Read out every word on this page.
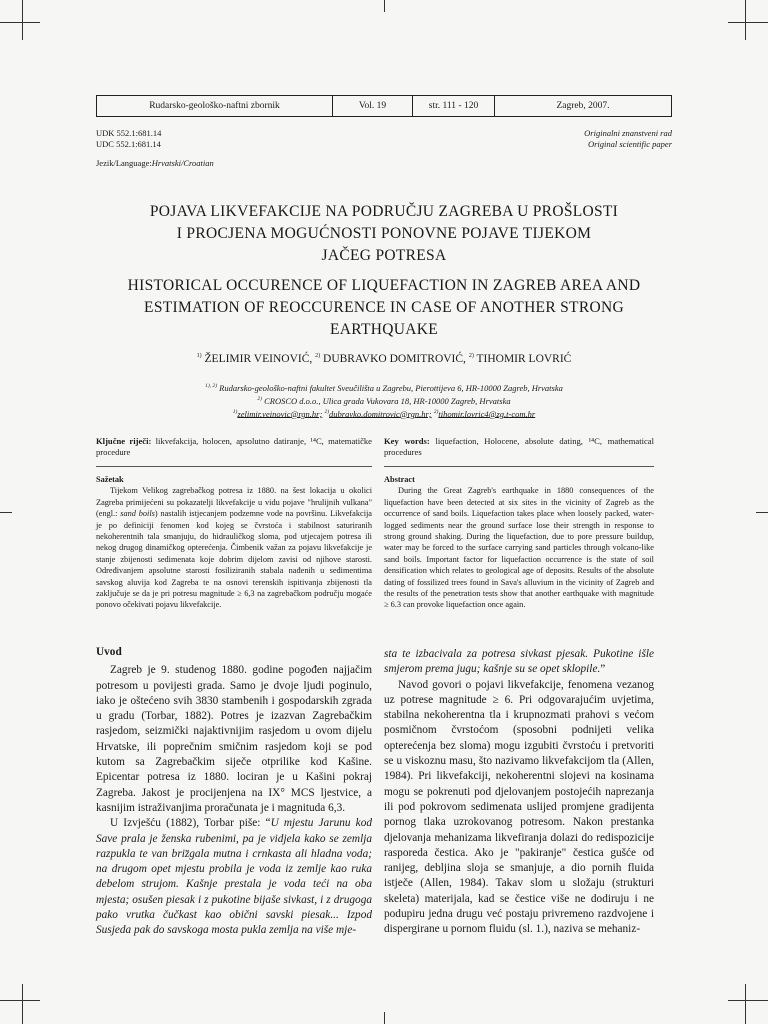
Rudarsko-geološko-naftni zbornik	Vol. 19	str. 111 - 120	Zagreb, 2007.
UDK 552.1:681.14
UDC 552.1:681.14
Originalni znanstveni rad
Original scientific paper
Jezik/Language:Hrvatski/Croatian
POJAVA LIKVEFAKCIJE NA PODRUČJU ZAGREBA U PROŠLOSTI
I PROCJENA MOGUĆNOSTI PONOVNE POJAVE TIJEKOM
JAČEG POTRESA
HISTORICAL OCCURENCE OF LIQUEFACTION IN ZAGREB AREA AND
ESTIMATION OF REOCCURENCE IN CASE OF ANOTHER STRONG
EARTHQUAKE
$^{1)}$ ŽELIMIR VEINOVIĆ, $^{2)}$ DUBRAVKO DOMITROVIĆ, $^{2)}$ TIHOMIR LOVRIĆ
$^{1), 2)}$ Rudarsko-geološko-naftni fakultet Sveučilišta u Zagrebu, Pierottijeva 6, HR-10000 Zagreb, Hrvatska
$^{2)}$ CROSCO d.o.o., Ulica grada Vukovara 18, HR-10000 Zagreb, Hrvatska
$^{1)}$zelimir.veinovic@rgn.hr; $^{2)}$dubravko.domitrovic@rgn.hr; $^{2)}$tihomir.lovric4@zg.t-com.hr
Ključne riječi: likvefakcija, holocen, apsolutno datiranje, ¹⁴C, matematičke procedure
Key words: liquefaction, Holocene, absolute dating, ¹⁴C, mathematical procedures
Sažetak

Tijekom Velikog zagrebačkog potresa iz 1880. na šest lokacija u okolici Zagreba primijećeni su pokazatelji likvefakcije u vidu pojave "hrulijnih vulkana" (engl.: sand boils) nastalih istjecanjem podzemne vode na površinu. Likvefakcija je po definiciji fenomen kod kojeg se čvrstoća i stabilnost saturiranih nekoherentnih tala smanjuju, do hidrauličkog sloma, pod utjecajem potresa ili nekog drugog dinamičkog opterećenja. Čimbenik važan za pojavu likvefakcije je stanje zbijenosti sedimenata koje dobrim dijelom zavisi od njihove starosti. Određivanjem apsolutne starosti fosiliziranih stabala nađenih u sedimentima savskog aluvija kod Zagreba te na osnovi terenskih ispitivanja zbijenosti tla zaključuje se da je pri potresu magnitude ≥ 6,3 na zagrebačkom području mogaće ponovo očekivati pojavu likvefakcije.

Abstract

During the Great Zagreb's earthquake in 1880 consequences of the liquefaction have been detected at six sites in the vicinity of Zagreb as the occurrence of sand boils. Liquefaction takes place when loosely packed, water-logged sediments near the ground surface lose their strength in response to strong ground shaking. During the liquefaction, due to pore pressure buildup, water may be forced to the surface carrying sand particles through volcano-like sand boils. Important factor for liquefaction occurrence is the state of soil densification which relates to geological age of deposits. Results of the absolute dating of fossilized trees found in Sava's alluvium in the vicinity of Zagreb and the results of the penetration tests show that another earthquake with magnitude ≥ 6.3 can provoke liquefaction once again.

Uvod

Zagreb je 9. studenog 1880. godine pogođen najjačim potresom u povijesti grada. Samo je dvoje ljudi poginulo, iako je oštećeno svih 3830 stambenih i gospodarskih zgrada u gradu (Torbar, 1882). Potres je izazvan Zagrebačkim rasjedom, seizmički najaktivnijim rasjedom u ovom dijelu Hrvatske, ili poprečnim smičnim rasjedom koji se pod kutom sa Zagrebačkim siječe otprilike kod Kašine. Epicentar potresa iz 1880. lociran je u Kašini pokraj Zagreba. Jakost je procijenjena na IX° MCS ljestvice, a kasnijim istraživanjima proračunata je i magnituda 6,3.

U Izvješću (1882), Torbar piše: “U mjestu Jarunu kod Save prala je ženska rubenimi, pa je vidjela kako se zemlja razpukla te van briz̈gala mutna i crnkasta ali hladna voda; na drugom opet mjestu probila je voda iz zemlje kao ruka debelom strujom. Kašnje prestala je voda teći na oba mjesta; osušen piesak i z pukotine bijaše sivkast, i z drugoga pako vrutka čučkast kao obični savski piesak... Izpod Susjeda pak do savskoga mosta pukla zemlja na više mje-

sta te izbacivala za potresa sivkast pjesak. Pukotine išle smjerom prema jugu; kašnje su se opet sklopile.”

Navod govori o pojavi likvefakcije, fenomena vezanog uz potrese magnitude ≥ 6. Pri odgovarajućim uvjetima, stabilna nekoherentna tla i krupnozmati prahovi s većom posmičnom čvrstoćom (sposobni podnijeti velika opterećenja bez sloma) mogu izgubiti čvrstoću i pretvoriti se u viskoznu masu, što nazivamo likvefakcijom tla (Allen, 1984). Pri likvefakciji, nekoherentni slojevi na kosinama mogu se pokrenuti pod djelovanjem postojećih naprezanja ili pod pokrovom sedimenata uslijed promjene gradijenta pornog tlaka uzrokovanog potresom. Nakon prestanka djelovanja mehanizama likvefiranja dolazi do redispozicije rasporeda čestica. Ako je "pakiranje" čestica gušće od ranijeg, debljina sloja se smanjuje, a dio pornih fluida istječe (Allen, 1984). Takav slom u složaju (strukturi skeleta) materijala, kad se čestice više ne dodiruju i ne podupiru jedna drugu već postaju privremeno razdvojene i dispergirane u pornom fluidu (sl. 1.), naziva se mehaniz-
